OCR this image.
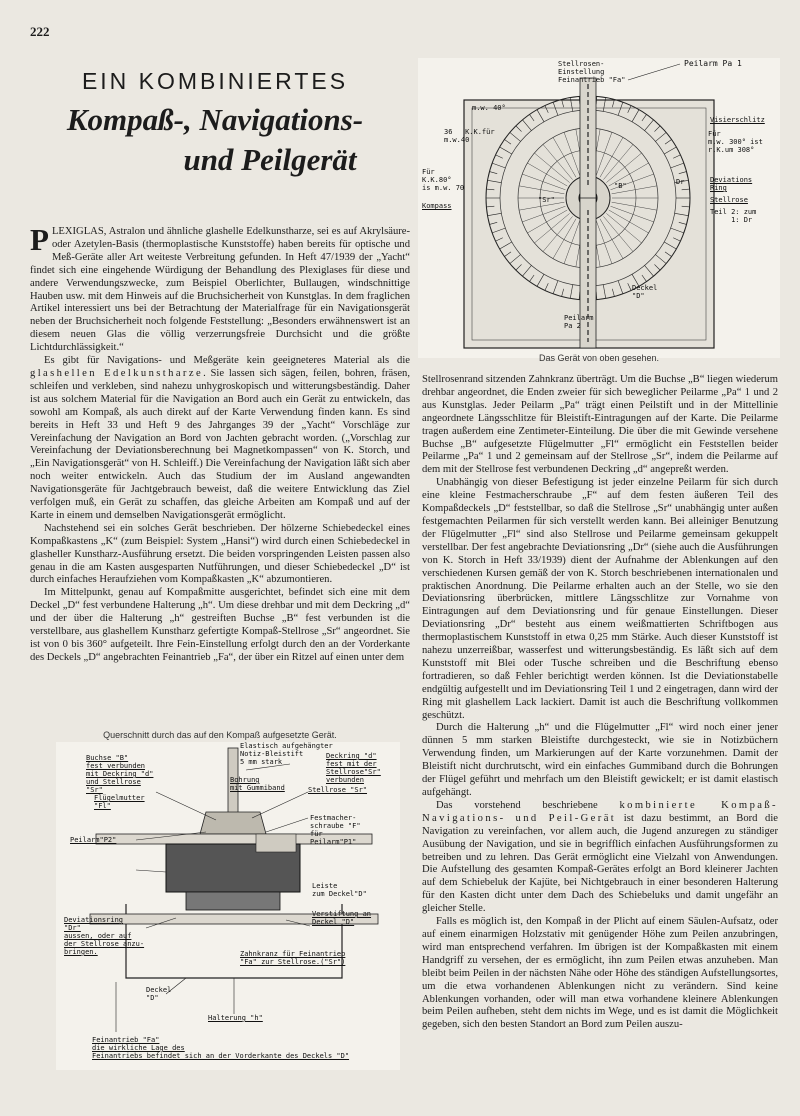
222
EIN KOMBINIERTES
Kompaß-, Navigations-
und Peilgerät

PLEXIGLAS, Astralon und ähnliche glashelle Edelkunstharze, sei es auf Akrylsäure- oder Azetylen-Basis (thermoplastische Kunststoffe) haben bereits für optische und Meß-Geräte aller Art weiteste Verbreitung gefunden. In Heft 47/1939 der „Yacht“ findet sich eine eingehende Würdigung der Behandlung des Plexiglases für diese und andere Verwendungszwecke, zum Beispiel Oberlichter, Bullaugen, windschnittige Hauben usw. mit dem Hinweis auf die Bruchsicherheit von Kunstglas. In dem fraglichen Artikel interessiert uns bei der Betrachtung der Materialfrage für ein Navigationsgerät neben der Bruchsicherheit noch folgende Feststellung: „Besonders erwähnenswert ist an diesem neuen Glas die völlig verzerrungsfreie Durchsicht und die größte Lichtdurchlässigkeit.“

Es gibt für Navigations- und Meßgeräte kein geeigneteres Material als die glashellen Edelkunstharze. Sie lassen sich sägen, feilen, bohren, fräsen, schleifen und verkleben, sind nahezu unhygroskopisch und witterungsbeständig. Daher ist aus solchem Material für die Navigation an Bord auch ein Gerät zu entwickeln, das sowohl am Kompaß, als auch direkt auf der Karte Verwendung finden kann. Es sind bereits in Heft 33 und Heft 9 des Jahrganges 39 der „Yacht“ Vorschläge zur Vereinfachung der Navigation an Bord von Jachten gebracht worden. („Vorschlag zur Vereinfachung der Deviationsberechnung bei Magnetkompassen“ von K. Storch, und „Ein Navigationsgerät“ von H. Schleiff.) Die Vereinfachung der Navigation läßt sich aber noch weiter entwickeln. Auch das Studium der im Ausland angewandten Navigationsgeräte für Jachtgebrauch beweist, daß die weitere Entwicklung das Ziel verfolgen muß, ein Gerät zu schaffen, das gleiche Arbeiten am Kompaß und auf der Karte in einem und demselben Navigationsgerät ermöglicht.

Nachstehend sei ein solches Gerät beschrieben. Der hölzerne Schiebedeckel eines Kompaßkastens „K“ (zum Beispiel: System „Hansi“) wird durch einen Schiebedeckel in glasheller Kunstharz-Ausführung ersetzt. Die beiden vorspringenden Leisten passen also genau in die am Kasten ausgesparten Nutführungen, und dieser Schiebedeckel „D“ ist durch einfaches Heraufziehen vom Kompaßkasten „K“ abzumontieren.

Im Mittelpunkt, genau auf Kompaßmitte ausgerichtet, befindet sich eine mit dem Deckel „D“ fest verbundene Halterung „h“. Um diese drehbar und mit dem Deckring „d“ und der über die Halterung „h“ gestreiften Buchse „B“ fest verbunden ist die verstellbare, aus glashellem Kunstharz gefertigte Kompaß-Stellrose „Sr“ angeordnet. Sie ist von 0 bis 360° aufgeteilt. Ihre Fein-Einstellung erfolgt durch den an der Vorderkante des Deckels „D“ angebrachten Feinantrieb „Fa“, der über ein Ritzel auf einen unter dem

Stellrosenrand sitzenden Zahnkranz überträgt. Um die Buchse „B“ liegen wiederum drehbar angeordnet, die Enden zweier für sich beweglicher Peilarme „Pa“ 1 und 2 aus Kunstglas. Jeder Peilarm „Pa“ trägt einen Peilstift und in der Mittellinie angeordnete Längsschlitze für Bleistift-Eintragungen auf der Karte. Die Peilarme tragen außerdem eine Zentimeter-Einteilung. Die über die mit Gewinde versehene Buchse „B“ aufgesetzte Flügelmutter „Fl“ ermöglicht ein Feststellen beider Peilarme „Pa“ 1 und 2 gemeinsam auf der Stellrose „Sr“, indem die Peilarme auf dem mit der Stellrose fest verbundenen Deckring „d“ angepreßt werden.

Unabhängig von dieser Befestigung ist jeder einzelne Peilarm für sich durch eine kleine Festmacherschraube „F“ auf dem festen äußeren Teil des Kompaßdeckels „D“ feststellbar, so daß die Stellrose „Sr“ unabhängig unter außen festgemachten Peilarmen für sich verstellt werden kann. Bei alleiniger Benutzung der Flügelmutter „Fl“ sind also Stellrose und Peilarme gemeinsam gekuppelt verstellbar. Der fest angebrachte Deviationsring „Dr“ (siehe auch die Ausführungen von K. Storch in Heft 33/1939) dient der Aufnahme der Ablenkungen auf den verschiedenen Kursen gemäß der von K. Storch beschriebenen internationalen und praktischen Anordnung. Die Peilarme erhalten auch an der Stelle, wo sie den Deviationsring überbrücken, mittlere Längsschlitze zur Vornahme von Eintragungen auf dem Deviationsring und für genaue Einstellungen. Dieser Deviationsring „Dr“ besteht aus einem weißmattierten Schriftbogen aus thermoplastischem Kunststoff in etwa 0,25 mm Stärke. Auch dieser Kunststoff ist nahezu unzerreißbar, wasserfest und witterungsbeständig. Es läßt sich auf dem Kunststoff mit Blei oder Tusche schreiben und die Beschriftung ebenso fortradieren, so daß Fehler berichtigt werden können. Ist die Deviationstabelle endgültig aufgestellt und im Deviationsring Teil 1 und 2 eingetragen, dann wird der Ring mit glashellem Lack lackiert. Damit ist auch die Beschriftung vollkommen geschützt.

Durch die Halterung „h“ und die Flügelmutter „Fl“ wird noch einer jener dünnen 5 mm starken Bleistifte durchgesteckt, wie sie in Notizbüchern Verwendung finden, um Markierungen auf der Karte vorzunehmen. Damit der Bleistift nicht durchrutscht, wird ein einfaches Gummiband durch die Bohrungen der Flügel geführt und mehrfach um den Bleistift gewickelt; er ist damit elastisch aufgehängt.

Das vorstehend beschriebene kombinierte Kompaß-Navigations- und Peil-Gerät ist dazu bestimmt, an Bord die Navigation zu vereinfachen, vor allem auch, die Jugend anzuregen zu ständiger Ausübung der Navigation, und sie in begrifflich einfachen Ausführungsformen zu betreiben und zu lehren. Das Gerät ermöglicht eine Vielzahl von Anwendungen. Die Aufstellung des gesamten Kompaß-Gerätes erfolgt an Bord kleinerer Jachten auf dem Schiebeluk der Kajüte, bei Nichtgebrauch in einer besonderen Halterung für den Kasten dicht unter dem Dach des Schiebeluks und damit ungefähr an gleicher Stelle.

Falls es möglich ist, den Kompaß in der Plicht auf einem Säulen-Aufsatz, oder auf einem einarmigen Holzstativ mit genügender Höhe zum Peilen anzubringen, wird man entsprechend verfahren. Im übrigen ist der Kompaßkasten mit einem Handgriff zu versehen, der es ermöglicht, ihn zum Peilen etwas anzuheben. Man bleibt beim Peilen in der nächsten Nähe oder Höhe des ständigen Aufstellungsortes, um die etwa vorhandenen Ablenkungen nicht zu verändern. Sind keine Ablenkungen vorhanden, oder will man etwa vorhandene kleinere Ablenkungen beim Peilen aufheben, steht dem nichts im Wege, und es ist damit die Möglichkeit gegeben, sich den besten Standort an Bord zum Peilen auszu-

Stellrosen-
Einstellung
Feinantrieb "Fa"
Peilarm Pa 1
m.w. 40°
36   K.K.für
m.w.40
Visierschlitz
Für
m.w. 300° ist
r.K.um 308°
Für
K.K.80°
is m.w. 70
Dr
"B"
Deviations
Ring
Stellrose
Teil 2: zum
1: Dr
"Sr"
Kompass
Deckel
"D"
Peilarm
Pa 2
Das Gerät von oben gesehen.
Querschnitt durch das auf den Kompaß aufgesetzte Gerät.
Buchse "B"
fest verbunden
mit Deckring "d"
und Stellrose
"Sr"
Elastisch aufgehängter
Notiz-Bleistift
5 mm stark
Deckring "d"
fest mit der
Stellrose"Sr"
verbunden
Bohrung
mit Gummiband
Flügelmutter
"Fl"
Stellrose "Sr"
Peilarm"P2"
Festmacher-
schraube "F"
für
Peilarm"P1"
Leiste
zum Deckel"D"
Verstiftung an
Deckel "D"
Deviationsring
"Dr"
aussen, oder auf
der Stellrose anzu-
bringen.	Zahnkranz für Feinantrieb
"Fa" zur Stellrose.("Sr")
Deckel
"D"
Halterung "h"
Feinantrieb "Fa"
die wirkliche Lage des
Feinantriebs befindet sich an der Vorderkante des Deckels "D"
